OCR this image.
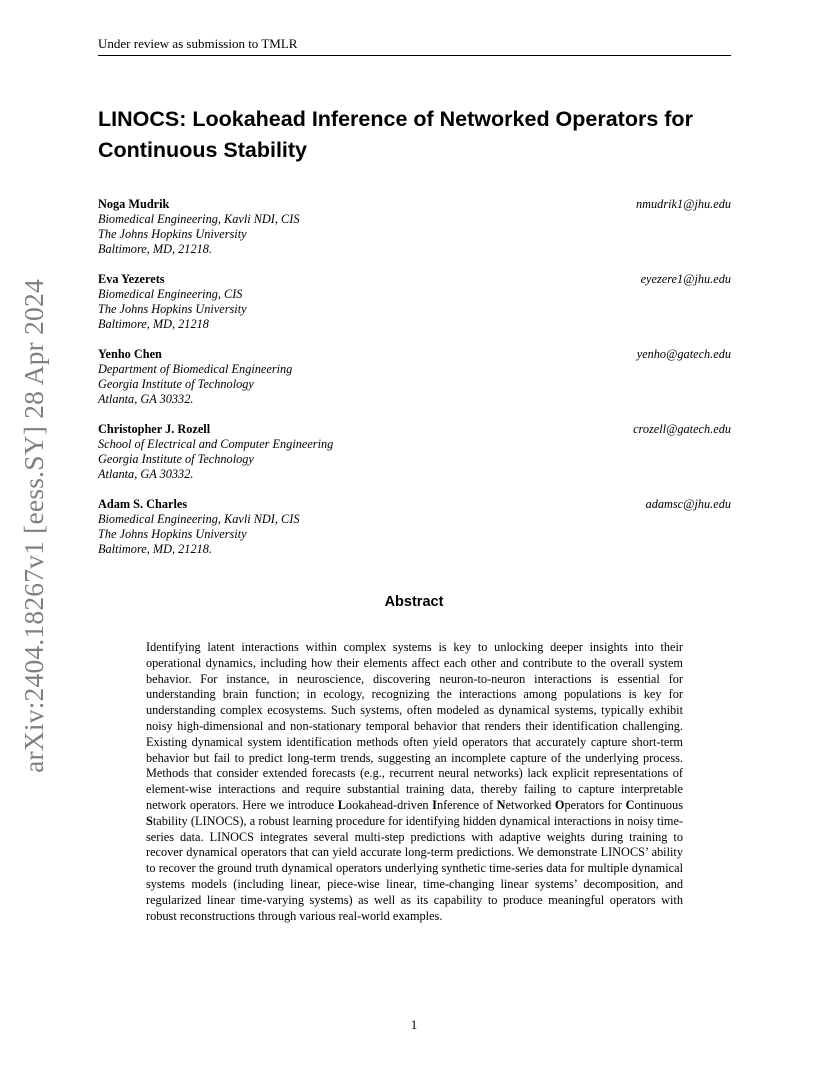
Under review as submission to TMLR
LINOCS: Lookahead Inference of Networked Operators for Continuous Stability
Noga Mudrik	nmudrik1@jhu.edu
Biomedical Engineering, Kavli NDI, CIS
The Johns Hopkins University
Baltimore, MD, 21218.
Eva Yezerets	eyezere1@jhu.edu
Biomedical Engineering, CIS
The Johns Hopkins University
Baltimore, MD, 21218
Yenho Chen	yenho@gatech.edu
Department of Biomedical Engineering
Georgia Institute of Technology
Atlanta, GA 30332.
Christopher J. Rozell	crozell@gatech.edu
School of Electrical and Computer Engineering
Georgia Institute of Technology
Atlanta, GA 30332.
Adam S. Charles	adamsc@jhu.edu
Biomedical Engineering, Kavli NDI, CIS
The Johns Hopkins University
Baltimore, MD, 21218.
arXiv:2404.18267v1 [eess.SY] 28 Apr 2024	Abstract

Identifying latent interactions within complex systems is key to unlocking deeper insights into their operational dynamics, including how their elements affect each other and contribute to the overall system behavior. For instance, in neuroscience, discovering neuron-to-neuron interactions is essential for understanding brain function; in ecology, recognizing the interactions among populations is key for understanding complex ecosystems. Such systems, often modeled as dynamical systems, typically exhibit noisy high-dimensional and non-stationary temporal behavior that renders their identification challenging. Existing dynamical system identification methods often yield operators that accurately capture short-term behavior but fail to predict long-term trends, suggesting an incomplete capture of the underlying process. Methods that consider extended forecasts (e.g., recurrent neural networks) lack explicit representations of element-wise interactions and require substantial training data, thereby failing to capture interpretable network operators. Here we introduce Lookahead-driven Inference of Networked Operators for Continuous Stability (LINOCS), a robust learning procedure for identifying hidden dynamical interactions in noisy time-series data. LINOCS integrates several multi-step predictions with adaptive weights during training to recover dynamical operators that can yield accurate long-term predictions. We demonstrate LINOCS’ ability to recover the ground truth dynamical operators underlying synthetic time-series data for multiple dynamical systems models (including linear, piece-wise linear, time-changing linear systems’ decomposition, and regularized linear time-varying systems) as well as its capability to produce meaningful operators with robust reconstructions through various real-world examples.

1
